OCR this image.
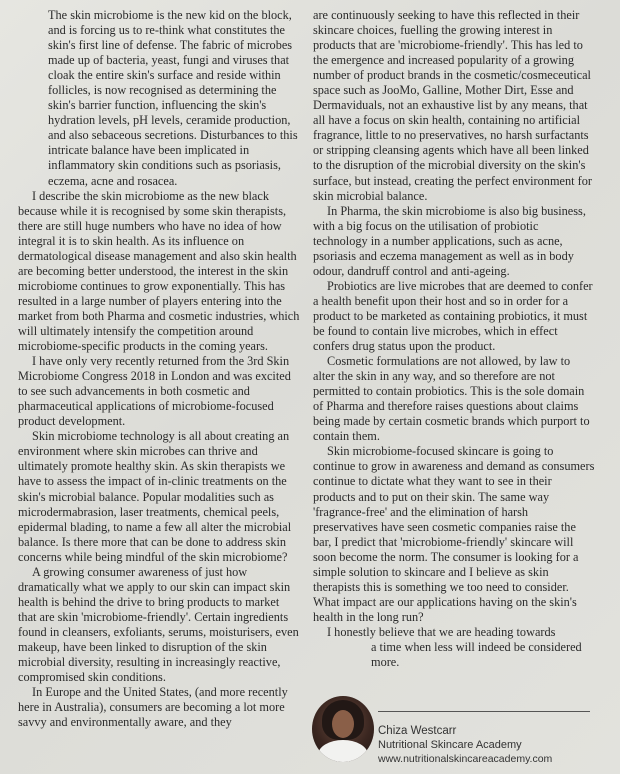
The skin microbiome is the new kid on the block, and is forcing us to re-think what constitutes the skin's first line of defense. The fabric of microbes made up of bacteria, yeast, fungi and viruses that cloak the entire skin's surface and reside within follicles, is now recognised as determining the skin's barrier function, influencing the skin's hydration levels, pH levels, ceramide production, and also sebaceous secretions. Disturbances to this intricate balance have been implicated in inflammatory skin conditions such as psoriasis, eczema, acne and rosacea.

I describe the skin microbiome as the new black because while it is recognised by some skin therapists, there are still huge numbers who have no idea of how integral it is to skin health. As its influence on dermatological disease management and also skin health are becoming better understood, the interest in the skin microbiome continues to grow exponentially. This has resulted in a large number of players entering into the market from both Pharma and cosmetic industries, which will ultimately intensify the competition around microbiome-specific products in the coming years.

I have only very recently returned from the 3rd Skin Microbiome Congress 2018 in London and was excited to see such advancements in both cosmetic and pharmaceutical applications of microbiome-focused product development.

Skin microbiome technology is all about creating an environment where skin microbes can thrive and ultimately promote healthy skin. As skin therapists we have to assess the impact of in-clinic treatments on the skin's microbial balance. Popular modalities such as microdermabrasion, laser treatments, chemical peels, epidermal blading, to name a few all alter the microbial balance. Is there more that can be done to address skin concerns while being mindful of the skin microbiome?

A growing consumer awareness of just how dramatically what we apply to our skin can impact skin health is behind the drive to bring products to market that are skin 'microbiome-friendly'. Certain ingredients found in cleansers, exfoliants, serums, moisturisers, even makeup, have been linked to disruption of the skin microbial diversity, resulting in increasingly reactive, compromised skin conditions.

In Europe and the United States, (and more recently here in Australia), consumers are becoming a lot more savvy and environmentally aware, and they

are continuously seeking to have this reflected in their skincare choices, fuelling the growing interest in products that are 'microbiome-friendly'. This has led to the emergence and increased popularity of a growing number of product brands in the cosmetic/cosmeceutical space such as JooMo, Galline, Mother Dirt, Esse and Dermaviduals, not an exhaustive list by any means, that all have a focus on skin health, containing no artificial fragrance, little to no preservatives, no harsh surfactants or stripping cleansing agents which have all been linked to the disruption of the microbial diversity on the skin's surface, but instead, creating the perfect environment for skin microbial balance.

In Pharma, the skin microbiome is also big business, with a big focus on the utilisation of probiotic technology in a number applications, such as acne, psoriasis and eczema management as well as in body odour, dandruff control and anti-ageing.

Probiotics are live microbes that are deemed to confer a health benefit upon their host and so in order for a product to be marketed as containing probiotics, it must be found to contain live microbes, which in effect confers drug status upon the product.

Cosmetic formulations are not allowed, by law to alter the skin in any way, and so therefore are not permitted to contain probiotics. This is the sole domain of Pharma and therefore raises questions about claims being made by certain cosmetic brands which purport to contain them.

Skin microbiome-focused skincare is going to continue to grow in awareness and demand as consumers continue to dictate what they want to see in their products and to put on their skin. The same way 'fragrance-free' and the elimination of harsh preservatives have seen cosmetic companies raise the bar, I predict that 'microbiome-friendly' skincare will soon become the norm. The consumer is looking for a simple solution to skincare and I believe as skin therapists this is something we too need to consider. What impact are our applications having on the skin's health in the long run?

I honestly believe that we are heading towards

a time when less will indeed be considered more.

Chiza Westcarr
Nutritional Skincare Academy
www.nutritionalskincareacademy.com
